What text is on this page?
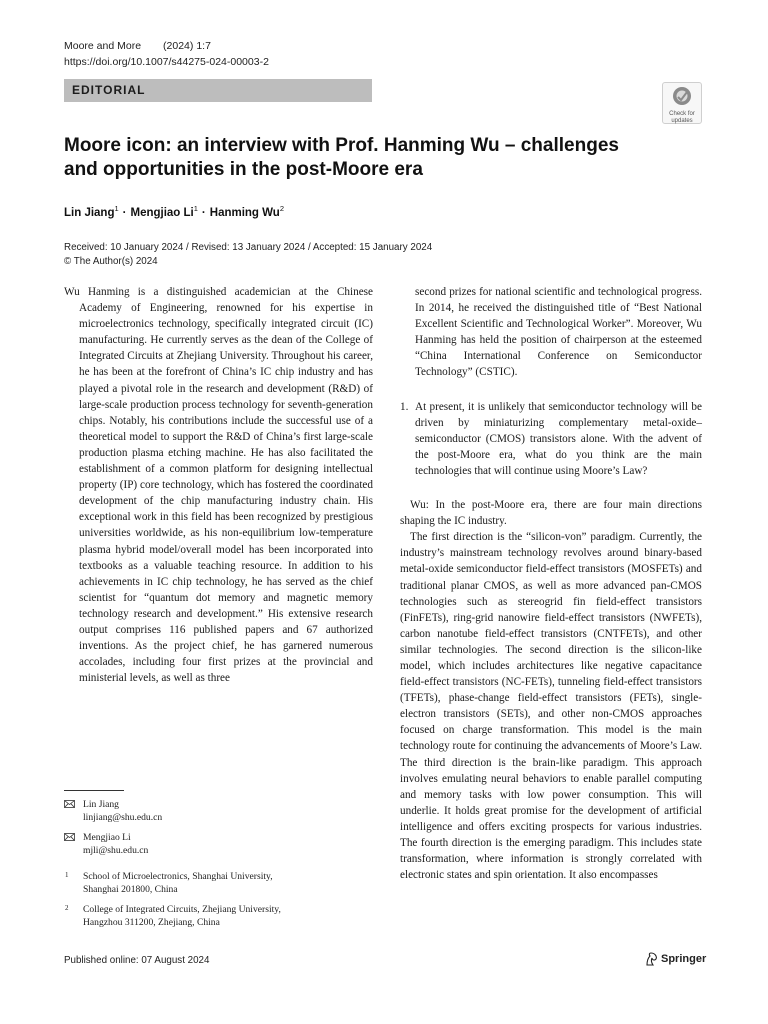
Moore and More (2024) 1:7
https://doi.org/10.1007/s44275-024-00003-2
EDITORIAL
Check for
updates
Moore icon: an interview with Prof. Hanming Wu – challenges and opportunities in the post-Moore era
Lin Jiang$^1$ · Mengjiao $Li^1 \cdot Hanming$ Wu$^2$
Received: 10 January 2024 / Revised: 13 January 2024 / Accepted: 15 January 2024
© The Author(s) 2024

Wu Hanming is a distinguished academician at the Chinese Academy of Engineering, renowned for his expertise in microelectronics technology, specifically integrated circuit (IC) manufacturing. He currently serves as the dean of the College of Integrated Circuits at Zhejiang University. Throughout his career, he has been at the forefront of China’s IC chip industry and has played a pivotal role in the research and development (R&D) of large-scale production process technology for seventh-generation chips. Notably, his contributions include the successful use of a theoretical model to support the R&D of China’s first large-scale production plasma etching machine. He has also facilitated the establishment of a common platform for designing intellectual property (IP) core technology, which has fostered the coordinated development of the chip manufacturing industry chain. His exceptional work in this field has been recognized by prestigious universities worldwide, as his non-equilibrium low-temperature plasma hybrid model/overall model has been incorporated into textbooks as a valuable teaching resource. In addition to his achievements in IC chip technology, he has served as the chief scientist for “quantum dot memory and magnetic memory technology research and development.” His extensive research output comprises 116 published papers and 67 authorized inventions. As the project chief, he has garnered numerous accolades, including four first prizes at the provincial and ministerial levels, as well as three

second prizes for national scientific and technological progress. In 2014, he received the distinguished title of “Best National Excellent Scientific and Technological Worker”. Moreover, Wu Hanming has held the position of chairperson at the esteemed “China International Conference on Semiconductor Technology” (CSTIC).

1. At present, it is unlikely that semiconductor technology will be driven by miniaturizing complementary metal-oxide–semiconductor (CMOS) transistors alone. With the advent of the post-Moore era, what do you think are the main technologies that will continue using Moore’s Law?

Wu: In the post-Moore era, there are four main directions shaping the IC industry.

The first direction is the “silicon-von” paradigm. Currently, the industry’s mainstream technology revolves around binary-based metal-oxide semiconductor field-effect transistors (MOSFETs) and traditional planar CMOS, as well as more advanced pan-CMOS technologies such as stereogrid fin field-effect transistors (FinFETs), ring-grid nanowire field-effect transistors (NWFETs), carbon nanotube field-effect transistors (CNTFETs), and other similar technologies. The second direction is the silicon-like model, which includes architectures like negative capacitance field-effect transistors (NC-FETs), tunneling field-effect transistors (TFETs), phase-change field-effect transistors (FETs), single-electron transistors (SETs), and other non-CMOS approaches focused on charge transformation. This model is the main technology route for continuing the advancements of Moore’s Law. The third direction is the brain-like paradigm. This approach involves emulating neural behaviors to enable parallel computing and memory tasks with low power consumption. This will underlie. It holds great promise for the development of artificial intelligence and offers exciting prospects for various industries. The fourth direction is the emerging paradigm. This includes state transformation, where information is strongly correlated with electronic states and spin orientation. It also encompasses

Lin Jiang
linjiang@shu.edu.cn
Mengjiao Li
mjli@shu.edu.cn
1 School of Microelectronics, Shanghai University,
Shanghai 201800, China
2 College of Integrated Circuits, Zhejiang University,
Hangzhou 311200, Zhejiang, China
Published online: 07 August 2024	Springer
